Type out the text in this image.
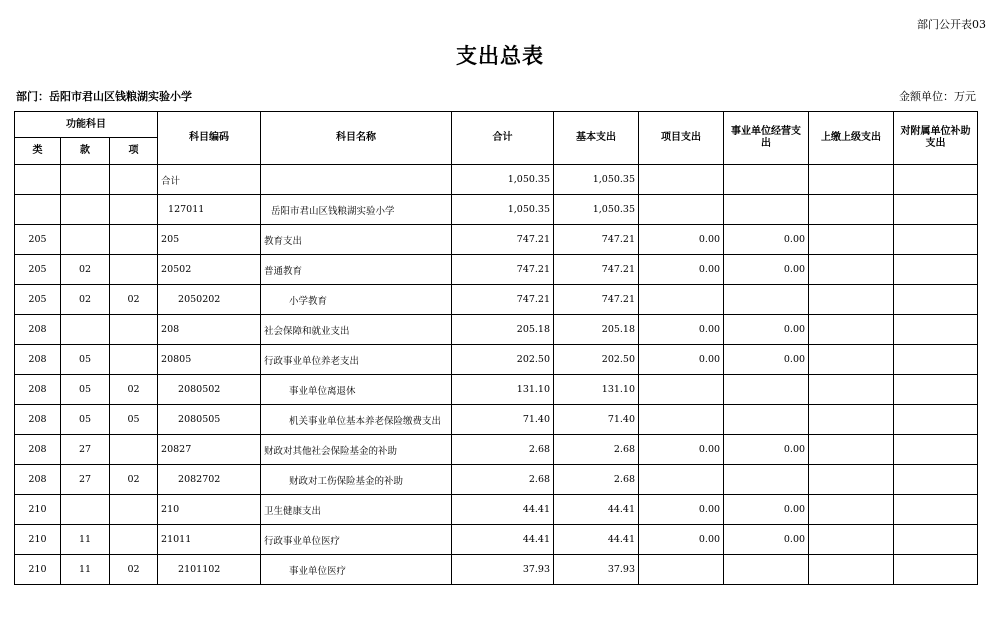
部门公开表03
支出总表
部门：岳阳市君山区钱粮湖实验小学	金额单位：万元
功能科目			科目编码	科目名称	合计	基本支出	项目支出	事业单位经营支出	上缴上级支出	对附属单位补助支出
类	款	项								
			合计		1,050.35	1,050.35				
			127011	岳阳市君山区钱粮湖实验小学	1,050.35	1,050.35				
205			205	教育支出	747.21	747.21	0.00	0.00		
205	02		20502	普通教育	747.21	747.21	0.00	0.00		
205	02	02	2050202	小学教育	747.21	747.21				
208			208	社会保障和就业支出	205.18	205.18	0.00	0.00		
208	05		20805	行政事业单位养老支出	202.50	202.50	0.00	0.00		
208	05	02	2080502	事业单位离退休	131.10	131.10				
208	05	05	2080505	机关事业单位基本养老保险缴费支出	71.40	71.40				
208	27		20827	财政对其他社会保险基金的补助	2.68	2.68	0.00	0.00		
208	27	02	2082702	财政对工伤保险基金的补助	2.68	2.68				
210			210	卫生健康支出	44.41	44.41	0.00	0.00		
210	11		21011	行政事业单位医疗	44.41	44.41	0.00	0.00		
210	11	02	2101102	事业单位医疗	37.93	37.93				
